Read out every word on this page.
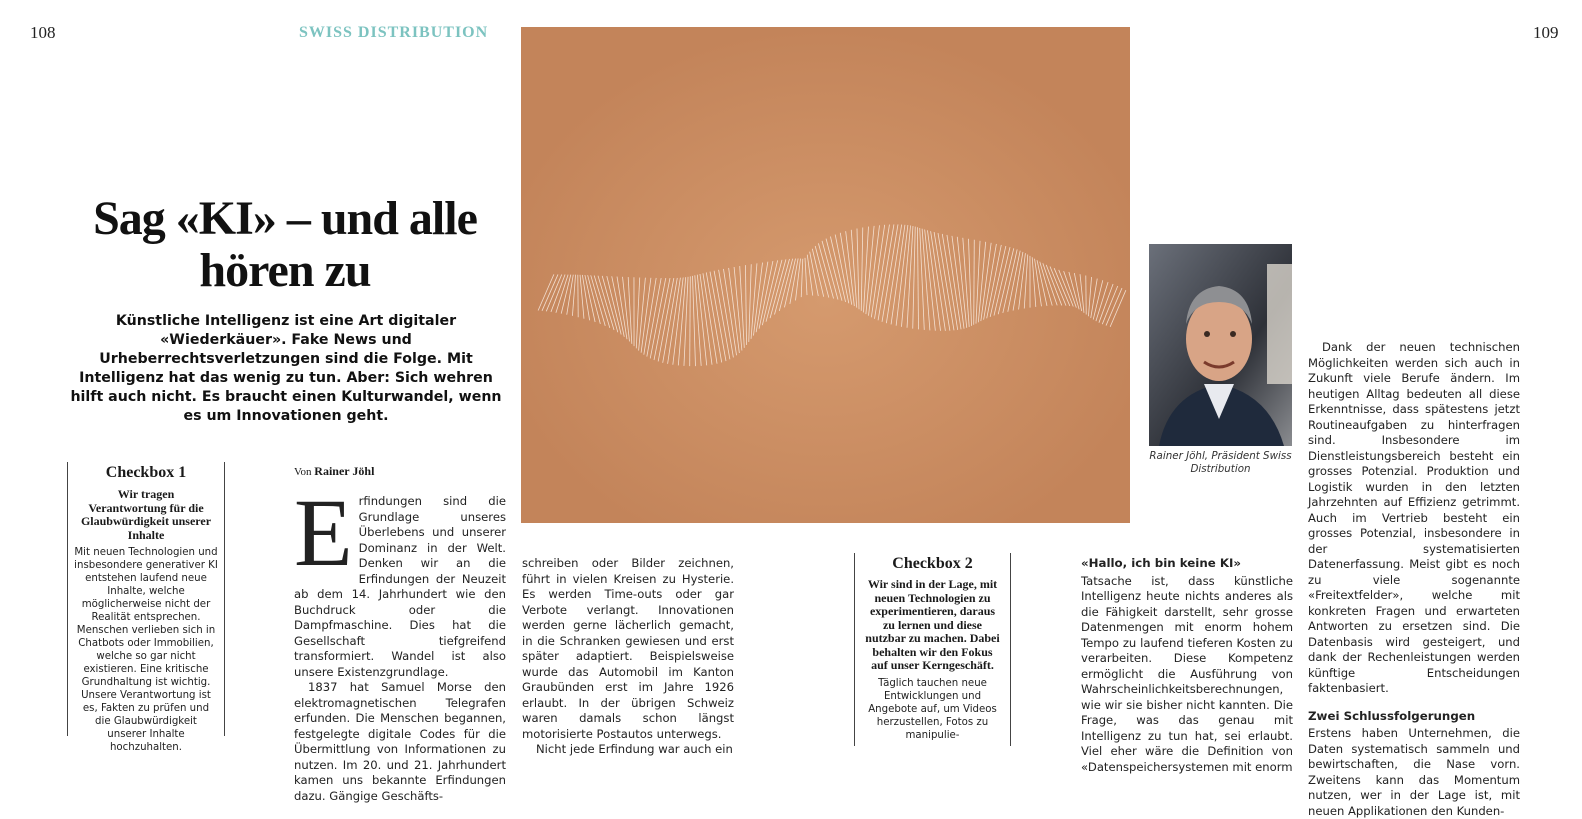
108	SWISS DISTRIBUTION	109
Sag «KI» – und alle
hören zu
Künstliche Intelligenz ist eine Art digitaler «Wiederkäuer». Fake News und Urheberrechtsverletzungen sind die Folge. Mit Intelligenz hat das wenig zu tun. Aber: Sich wehren hilft auch nicht. Es braucht einen Kulturwandel, wenn es um Innovationen geht.
Checkbox 1
Wir tragen Verantwortung für die Glaubwürdigkeit unserer Inhalte
Mit neuen Technologien und insbesondere generativer KI entstehen laufend neue Inhalte, welche möglicherweise nicht der Realität entsprechen. Menschen verlieben sich in Chatbots oder Immobilien, welche so gar nicht existieren. Eine kritische Grundhaltung ist wichtig. Unsere Verantwortung ist es, Fakten zu prüfen und die Glaubwürdigkeit unserer Inhalte hochzuhalten.
Von Rainer Jöhl
Erfindungen sind die Grundlage unseres Überlebens und unserer Dominanz in der Welt. Denken wir an die Erfindungen der Neuzeit ab dem 14. Jahrhundert wie den Buchdruck oder die Dampfmaschine. Dies hat die Gesellschaft tiefgreifend transformiert. Wandel ist also unsere Existenzgrundlage.
1837 hat Samuel Morse den elektromagnetischen Telegrafen erfunden. Die Menschen begannen, festgelegte digitale Codes für die Übermittlung von Informationen zu nutzen. Im 20. und 21. Jahrhundert kamen uns bekannte Erfindungen dazu. Gängige Geschäfts-
schreiben oder Bilder zeichnen, führt in vielen Kreisen zu Hysterie. Es werden Time-outs oder gar Verbote verlangt. Innovationen werden gerne lächerlich gemacht, in die Schranken gewiesen und erst später adaptiert. Beispielsweise wurde das Automobil im Kanton Graubünden erst im Jahre 1926 erlaubt. In der übrigen Schweiz waren damals schon längst motorisierte Postautos unterwegs.
Nicht jede Erfindung war auch ein
Checkbox 2
Wir sind in der Lage, mit neuen Technologien zu experimentieren, daraus zu lernen und diese nutzbar zu machen. Dabei behalten wir den Fokus auf unser Kerngeschäft.
Täglich tauchen neue Entwicklungen und Angebote auf, um Videos herzustellen, Fotos zu manipulie-
«Hallo, ich bin keine KI»
Tatsache ist, dass künstliche Intelligenz heute nichts anderes als die Fähigkeit darstellt, sehr grosse Datenmengen mit enorm hohem Tempo zu laufend tieferen Kosten zu verarbeiten. Diese Kompetenz ermöglicht die Ausführung von Wahrscheinlichkeitsberechnungen, wie wir sie bisher nicht kannten. Die Frage, was das genau mit Intelligenz zu tun hat, sei erlaubt. Viel eher wäre die Definition von «Datenspeichersystemen mit enorm
Rainer Jöhl, Präsident Swiss Distribution
Dank der neuen technischen Möglichkeiten werden sich auch in Zukunft viele Berufe ändern. Im heutigen Alltag bedeuten all diese Erkenntnisse, dass spätestens jetzt Routineaufgaben zu hinterfragen sind. Insbesondere im Dienstleistungsbereich besteht ein grosses Potenzial. Produktion und Logistik wurden in den letzten Jahrzehnten auf Effizienz getrimmt. Auch im Vertrieb besteht ein grosses Potenzial, insbesondere in der systematisierten Datenerfassung. Meist gibt es noch zu viele sogenannte «Freitextfelder», welche mit konkreten Fragen und erwarteten Antworten zu ersetzen sind. Die Datenbasis wird gesteigert, und dank der Rechenleistungen werden künftige Entscheidungen faktenbasiert.
Zwei Schlussfolgerungen
Erstens haben Unternehmen, die Daten systematisch sammeln und bewirtschaften, die Nase vorn. Zweitens kann das Momentum nutzen, wer in der Lage ist, mit neuen Applikationen den Kunden-
